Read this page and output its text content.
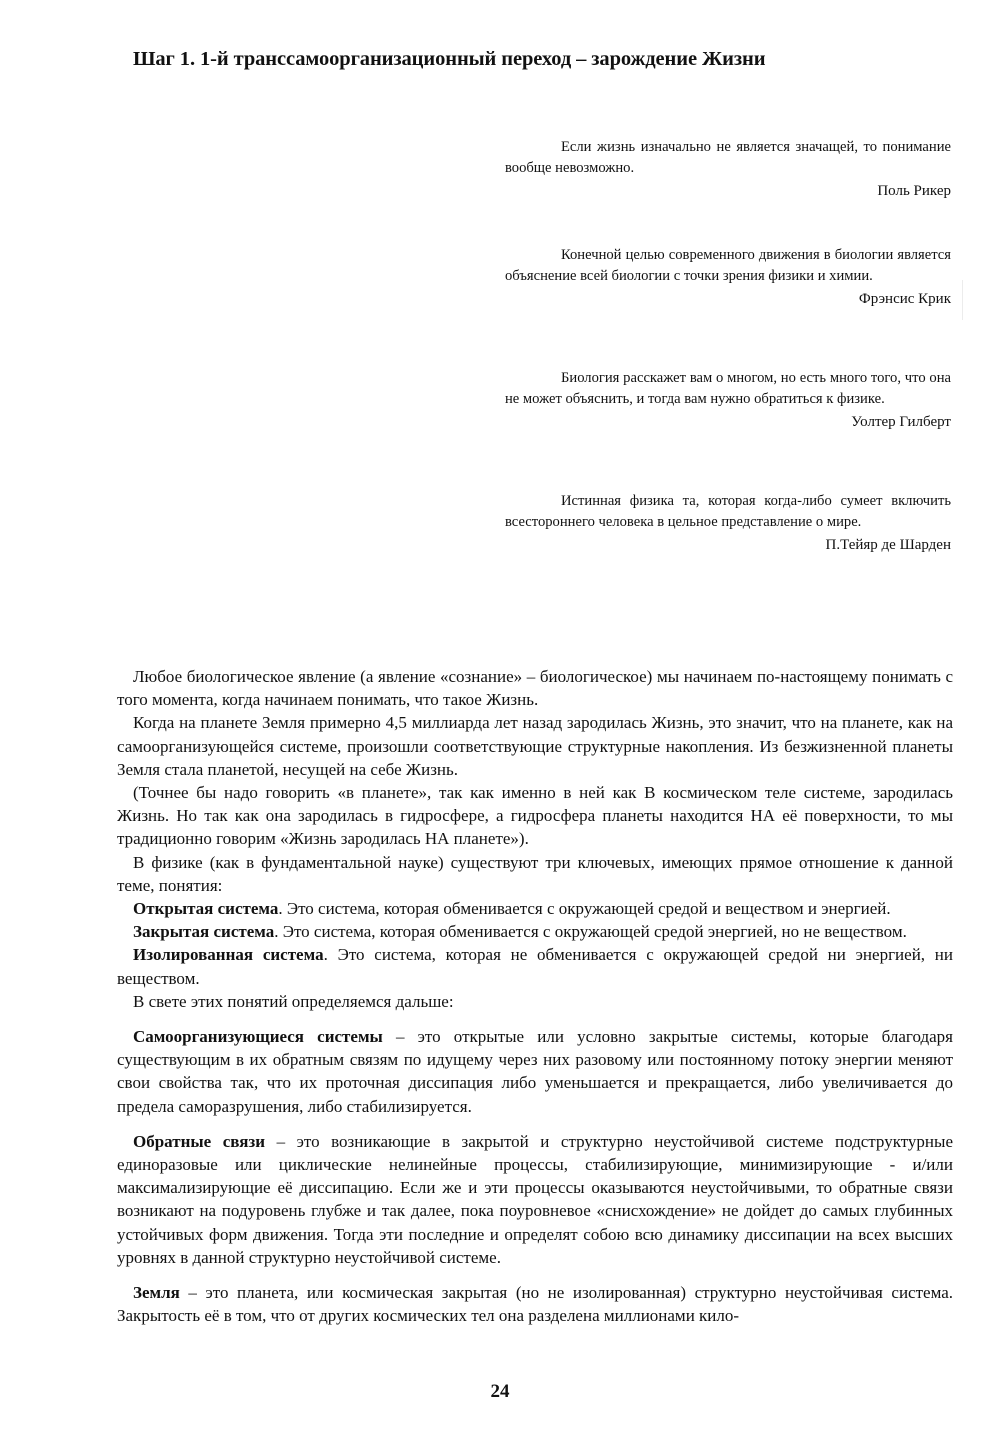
Шаг 1. 1-й транссамоорганизационный переход – зарождение Жизни

Если жизнь изначально не является значащей, то понимание вообще невозможно.

Поль Рикер

Конечной целью современного движения в биологии является объяснение всей биологии с точки зрения физики и химии.

Фрэнсис Крик

Биология расскажет вам о многом, но есть много того, что она не может объяснить, и тогда вам нужно обратиться к физике.

Уолтер Гилберт

Истинная физика та, которая когда-либо сумеет включить всестороннего человека в цельное представление о мире.

П.Тейяр де Шарден

Любое биологическое явление (а явление «сознание» – биологическое) мы начинаем по-настоящему понимать с того момента, когда начинаем понимать, что такое Жизнь.

Когда на планете Земля примерно 4,5 миллиарда лет назад зародилась Жизнь, это значит, что на планете, как на самоорганизующейся системе, произошли соответствующие структурные накопления. Из безжизненной планеты Земля стала планетой, несущей на себе Жизнь.

(Точнее бы надо говорить «в планете», так как именно в ней как В космическом теле системе, зародилась Жизнь. Но так как она зародилась в гидросфере, а гидросфера планеты находится НА её поверхности, то мы традиционно говорим «Жизнь зародилась НА планете»).

В физике (как в фундаментальной науке) существуют три ключевых, имеющих прямое отношение к данной теме, понятия:

Открытая система. Это система, которая обменивается с окружающей средой и веществом и энергией.

Закрытая система. Это система, которая обменивается с окружающей средой энергией, но не веществом.

Изолированная система. Это система, которая не обменивается с окружающей средой ни энергией, ни веществом.

В свете этих понятий определяемся дальше:

Самоорганизующиеся системы – это открытые или условно закрытые системы, которые благодаря существующим в их обратным связям по идущему через них разовому или постоянному потоку энергии меняют свои свойства так, что их проточная диссипация либо уменьшается и прекращается, либо увеличивается до предела саморазрушения, либо стабилизируется.

Обратные связи – это возникающие в закрытой и структурно неустойчивой системе подструктурные единоразовые или циклические нелинейные процессы, стабилизирующие, минимизирующие - и/или максимализирующие её диссипацию. Если же и эти процессы оказываются неустойчивыми, то обратные связи возникают на подуровень глубже и так далее, пока поуровневое «снисхождение» не дойдет до самых глубинных устойчивых форм движения. Тогда эти последние и определят собою всю динамику диссипации на всех высших уровнях в данной структурно неустойчивой системе.

Земля – это планета, или космическая закрытая (но не изолированная) структурно неустойчивая система. Закрытость её в том, что от других космических тел она разделена миллионами кило-

24
